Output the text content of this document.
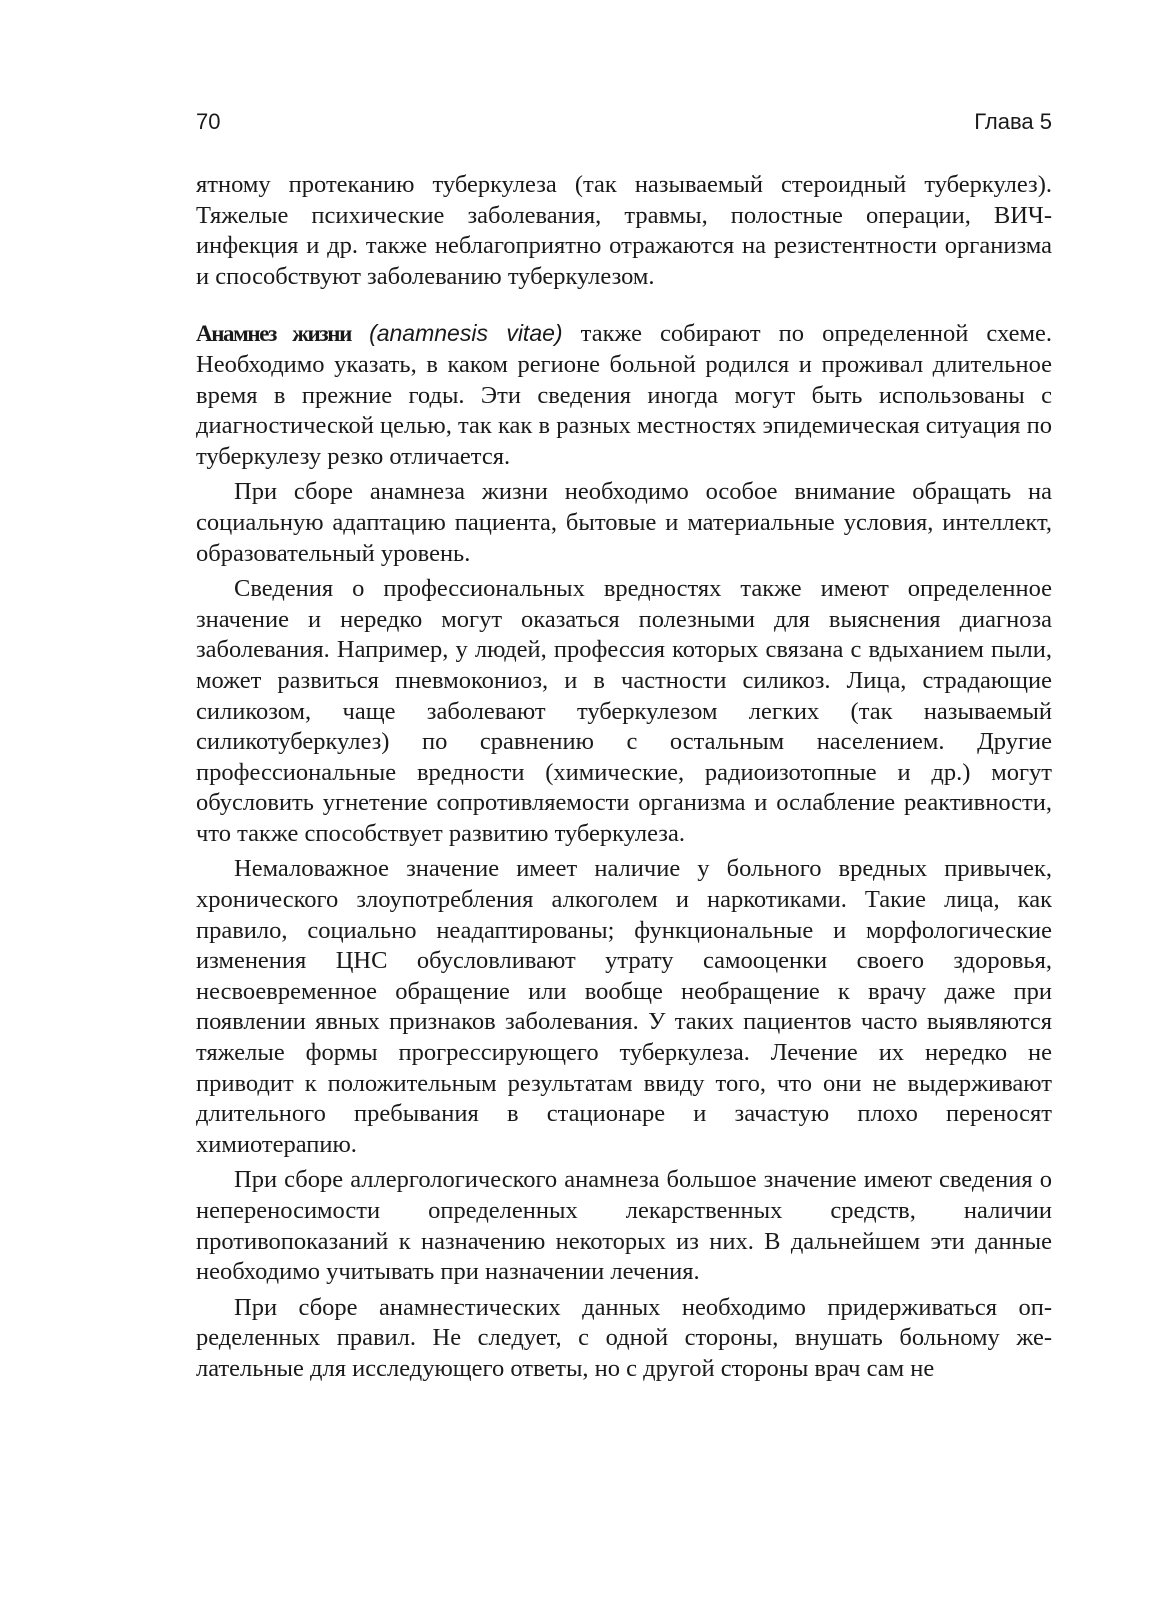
70	Глава 5

ятному протеканию туберкулеза (так называемый стероидный туберкулез). Тяжелые психические заболевания, травмы, полостные операции, ВИЧ-инфекция и др. также неблагоприятно отражаются на резистентности организма и способствуют заболеванию туберкулезом.

Анамнез жизни (anamnesis vitae) также собирают по определенной схеме. Необходимо указать, в каком регионе больной родился и проживал длительное время в прежние годы. Эти сведения иногда могут быть использованы с диагностической целью, так как в разных местностях эпидемическая ситуация по туберкулезу резко отличается.

При сборе анамнеза жизни необходимо особое внимание обращать на социальную адаптацию пациента, бытовые и материальные условия, интеллект, образовательный уровень.

Сведения о профессиональных вредностях также имеют определенное значение и нередко могут оказаться полезными для выяснения диагноза заболевания. Например, у людей, профессия которых связана с вдыханием пыли, может развиться пневмокониоз, и в частности силикоз. Лица, страдающие силикозом, чаще заболевают туберкулезом легких (так называемый силикотуберкулез) по сравнению с остальным населением. Другие профессиональные вредности (химические, радиоизотопные и др.) могут обусловить угнетение сопротивляемости организма и ослабление реактивности, что также способствует развитию туберкулеза.

Немаловажное значение имеет наличие у больного вредных привычек, хронического злоупотребления алкоголем и наркотиками. Такие лица, как правило, социально неадаптированы; функциональные и морфологические изменения ЦНС обусловливают утрату самооценки своего здоровья, несвоевременное обращение или вообще необращение к врачу даже при появлении явных признаков заболевания. У таких пациентов часто выявляются тяжелые формы прогрессирующего туберкулеза. Лечение их нередко не приводит к положительным результатам ввиду того, что они не выдерживают длительного пребывания в стационаре и зачастую плохо переносят химиотерапию.

При сборе аллергологического анамнеза большое значение имеют сведения о непереносимости определенных лекарственных средств, наличии противопоказаний к назначению некоторых из них. В дальнейшем эти данные необходимо учитывать при назначении лечения.

При сборе анамнестических данных необходимо придерживаться определенных правил. Не следует, с одной стороны, внушать больному желательные для исследующего ответы, но с другой стороны врач сам не
